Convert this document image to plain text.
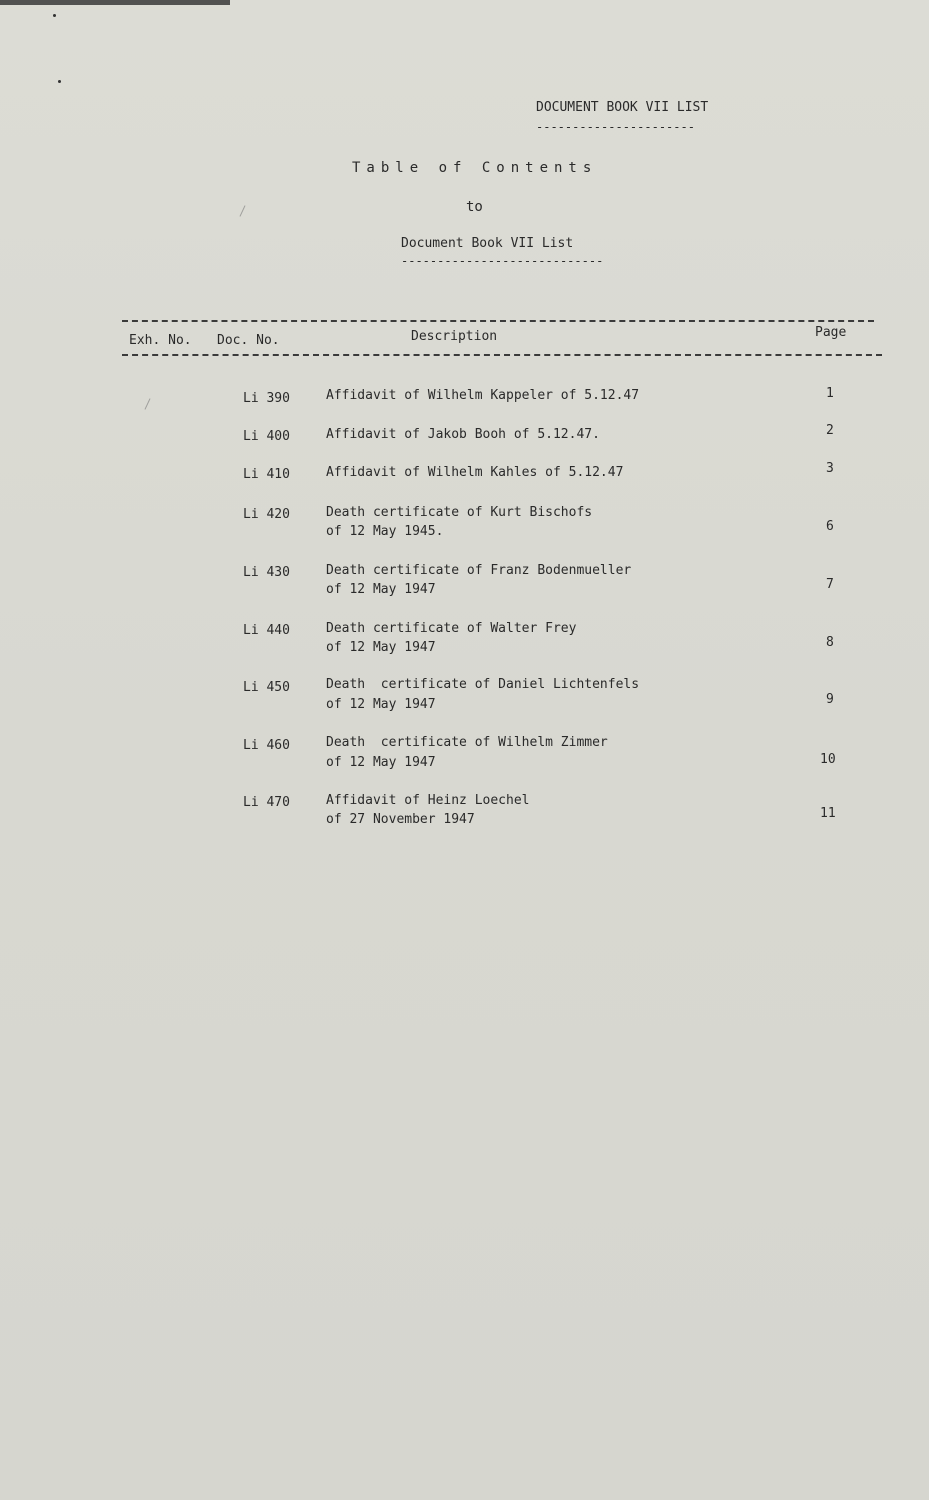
DOCUMENT BOOK VII LIST
----------------------
Table of Contents
to
Document Book VII List
----------------------------
Exh. No. Doc. No.	Description	Page
Li 390	Affidavit of Wilhelm Kappeler of 5.12.47	1
Li 400	Affidavit of Jakob Booh of 5.12.47.	2
Li 410	Affidavit of Wilhelm Kahles of 5.12.47	3
Li 420	Death certificate of Kurt Bischofs
of 12 May 1945.	6
Li 430	Death certificate of Franz Bodenmueller
of 12 May 1947	7
Li 440	Death certificate of Walter Frey
of 12 May 1947	8
Li 450	Death  certificate of Daniel Lichtenfels
of 12 May 1947	9
Li 460	Death  certificate of Wilhelm Zimmer
of 12 May 1947	10
Li 470	Affidavit of Heinz Loechel
of 27 November 1947	11
